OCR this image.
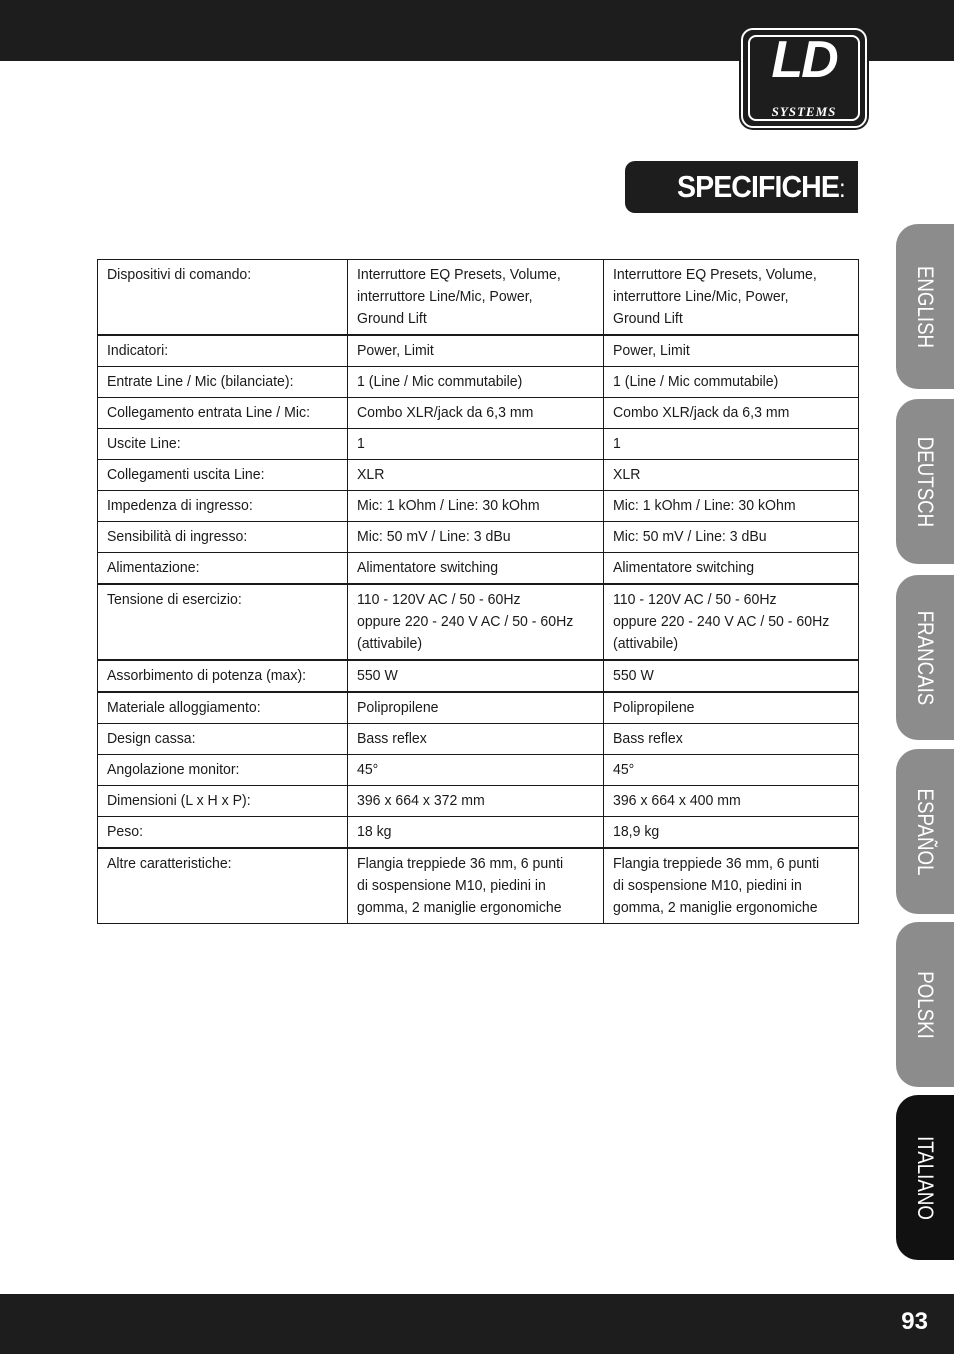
LD
SYSTEMS
SPECIFICHE:
ENGLISH
DEUTSCH
FRANCAIS
ESPAÑOL
POLSKI
ITALIANO
Dispositivi di comando:	Interruttore EQ Presets, Volume,
interruttore Line/Mic, Power,
Ground Lift	Interruttore EQ Presets, Volume,
interruttore Line/Mic, Power,
Ground Lift
Indicatori:	Power, Limit	Power, Limit
Entrate Line / Mic (bilanciate):	1 (Line / Mic commutabile)	1 (Line / Mic commutabile)
Collegamento entrata Line / Mic:	Combo XLR/jack da 6,3 mm	Combo XLR/jack da 6,3 mm
Uscite Line:	1	1
Collegamenti uscita Line:	XLR	XLR
Impedenza di ingresso:	Mic: 1 kOhm / Line: 30 kOhm	Mic: 1 kOhm / Line: 30 kOhm
Sensibilità di ingresso:	Mic: 50 mV / Line: 3 dBu	Mic: 50 mV / Line: 3 dBu
Alimentazione:	Alimentatore switching	Alimentatore switching
Tensione di esercizio:	110 - 120V AC / 50 - 60Hz
oppure 220 - 240 V AC / 50 - 60Hz
(attivabile)	110 - 120V AC / 50 - 60Hz
oppure 220 - 240 V AC / 50 - 60Hz
(attivabile)
Assorbimento di potenza (max):	550 W	550 W
Materiale alloggiamento:	Polipropilene	Polipropilene
Design cassa:	Bass reflex	Bass reflex
Angolazione monitor:	45°	45°
Dimensioni (L x H x P):	396 x 664 x 372 mm	396 x 664 x 400 mm
Peso:	18 kg	18,9 kg
Altre caratteristiche:	Flangia treppiede 36 mm, 6 punti
di sospensione M10, piedini in
gomma, 2 maniglie ergonomiche	Flangia treppiede 36 mm, 6 punti
di sospensione M10, piedini in
gomma, 2 maniglie ergonomiche
93
